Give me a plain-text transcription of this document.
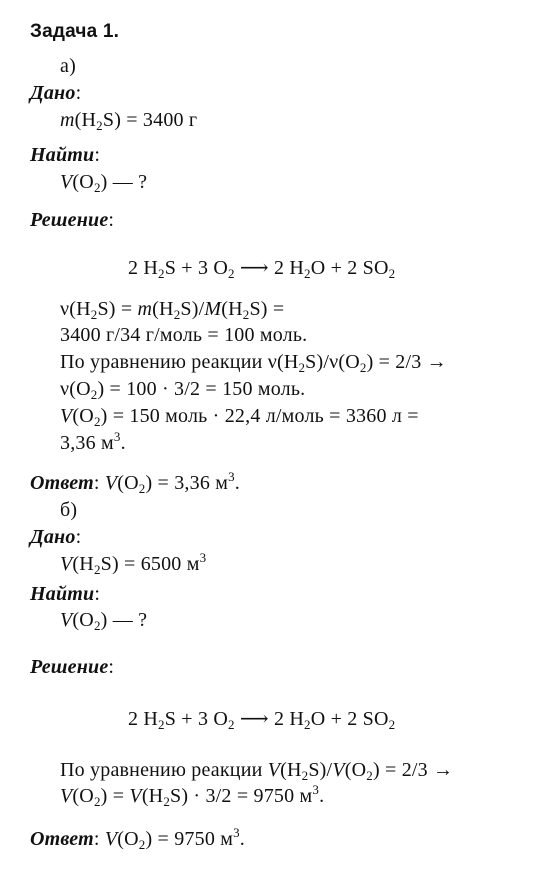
Задача 1.
а)
Дано:
$m(H_2S) = 3400$ г
Найти:
$V(O_2)$ — ?
Решение:
2 $H_2S + 3$ $O_2$ ⟶ 2 $H_2O + 2$ $SO_2$
$\nu(H_2S) = m(H_2S)/M(H_2S)$ =
3400 г/34 г/моль = 100 моль.
По уравнению реакции $\nu(H_2S)/\nu(O_2) = 2/3$ →
$\nu(O_2) = 100 \cdot 3/2 = 150$ моль.
$V(O_2) = 150$ моль · 22,4 л/моль = 3360 л =
3,36 $м^3$.
Ответ: $V(O_2) = 3,36$ $м^3$.
б)
Дано:
$V(H_2S) = 6500$ $м^3$
Найти:
$V(O_2)$ — ?
Решение:
2 $H_2S + 3$ $O_2$ ⟶ 2 $H_2O + 2$ $SO_2$
По уравнению реакции $V(H_2S)/V(O_2) = 2/3$ →
$V(O_2) = V(H_2S) \cdot 3/2 = 9750$ $м^3$.
Ответ: $V(O_2) = 9750$ $м^3$.
